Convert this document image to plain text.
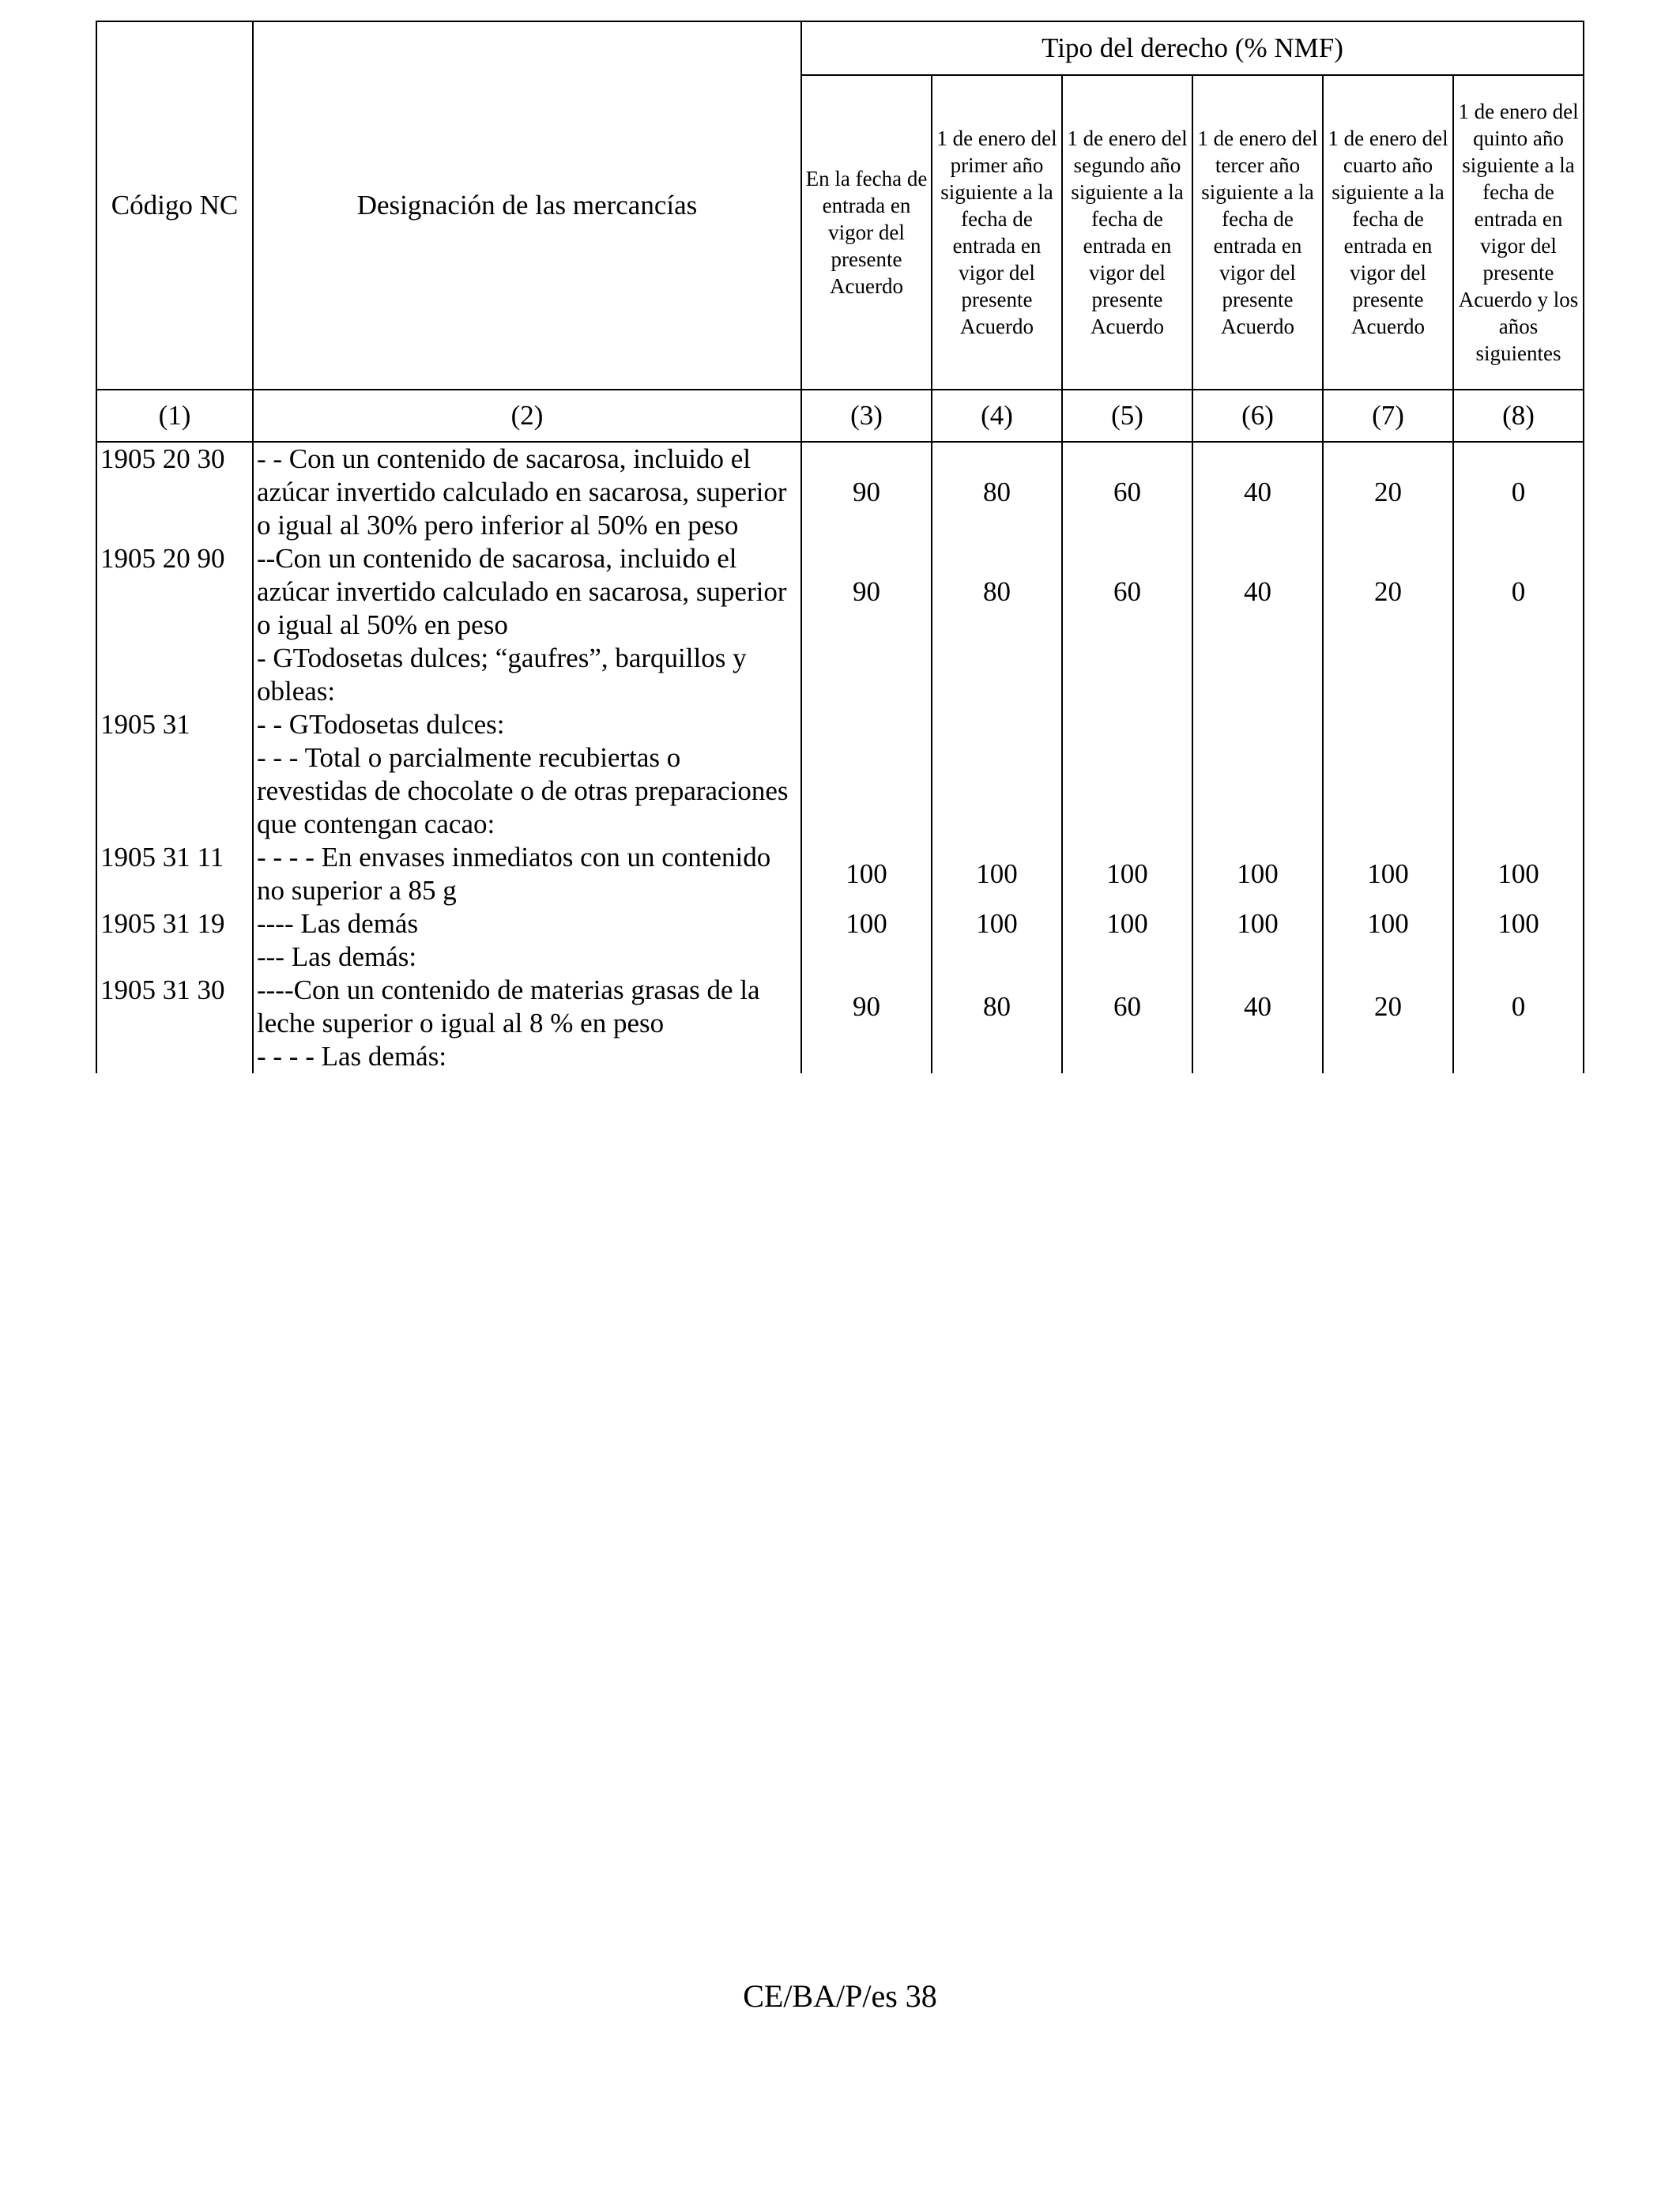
Código NC	Designación de las mercancías	Tipo del derecho (% NMF)					
		En la fecha de entrada en vigor del presente Acuerdo	1 de enero del primer año siguiente a la fecha de entrada en vigor del presente Acuerdo	1 de enero del segundo año siguiente a la fecha de entrada en vigor del presente Acuerdo	1 de enero del tercer año siguiente a la fecha de entrada en vigor del presente Acuerdo	1 de enero del cuarto año siguiente a la fecha de entrada en vigor del presente Acuerdo	1 de enero del quinto año siguiente a la fecha de entrada en vigor del presente Acuerdo y los años siguientes
(1)	(2)	(3)	(4)	(5)	(6)	(7)	(8)
1905 20 30	- - Con un contenido de sacarosa, incluido el azúcar invertido calculado en sacarosa, superior o igual al 30% pero inferior al 50% en peso	90	80	60	40	20	0
1905 20 90	--Con un contenido de sacarosa, incluido el azúcar invertido calculado en sacarosa, superior o igual al 50% en peso	90	80	60	40	20	0
	- GTodosetas dulces; “gaufres”, barquillos y obleas:						
1905 31	- - GTodosetas dulces:						
	- - - Total o parcialmente recubiertas o revestidas de chocolate o de otras preparaciones que contengan cacao:						
1905 31 11	- - - - En envases inmediatos con un contenido no superior a 85 g	100	100	100	100	100	100
1905 31 19	---- Las demás	100	100	100	100	100	100
	--- Las demás:						
1905 31 30	----Con un contenido de materias grasas de la leche superior o igual al 8 % en peso	90	80	60	40	20	0
	- - - - Las demás:						
CE/BA/P/es 38
